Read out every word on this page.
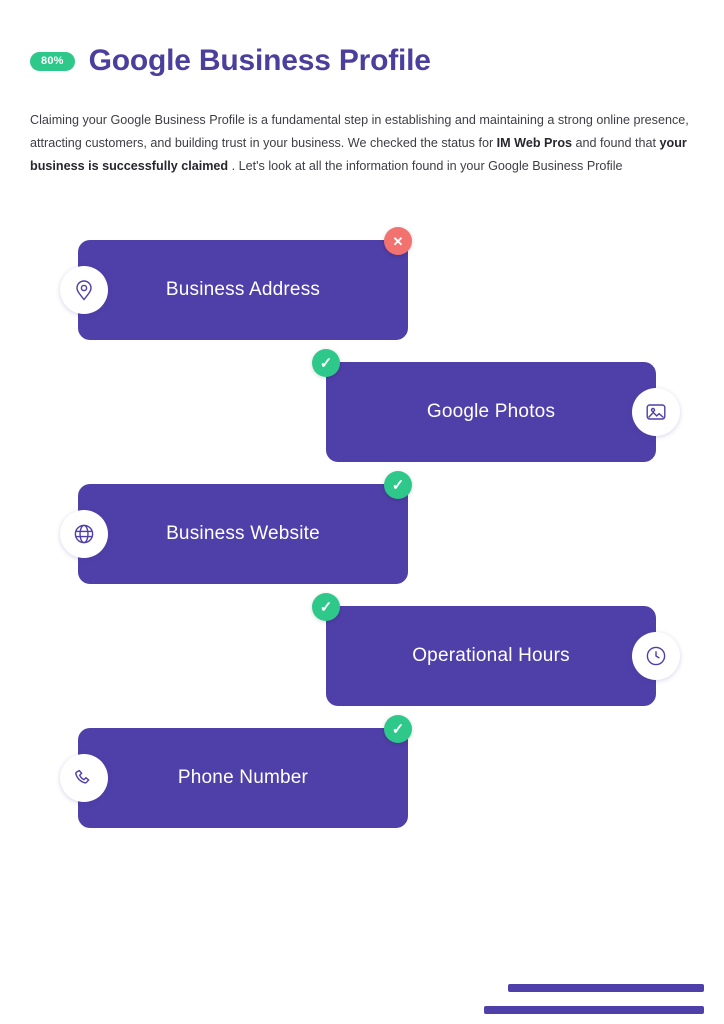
80% Google Business Profile

Claiming your Google Business Profile is a fundamental step in establishing and maintaining a strong online presence, attracting customers, and building trust in your business. We checked the status for IM Web Pros and found that your business is successfully claimed . Let's look at all the information found in your Google Business Profile

Business Address
✕
Google Photos
✓
Business Website
✓
Operational Hours
✓
Phone Number
✓
